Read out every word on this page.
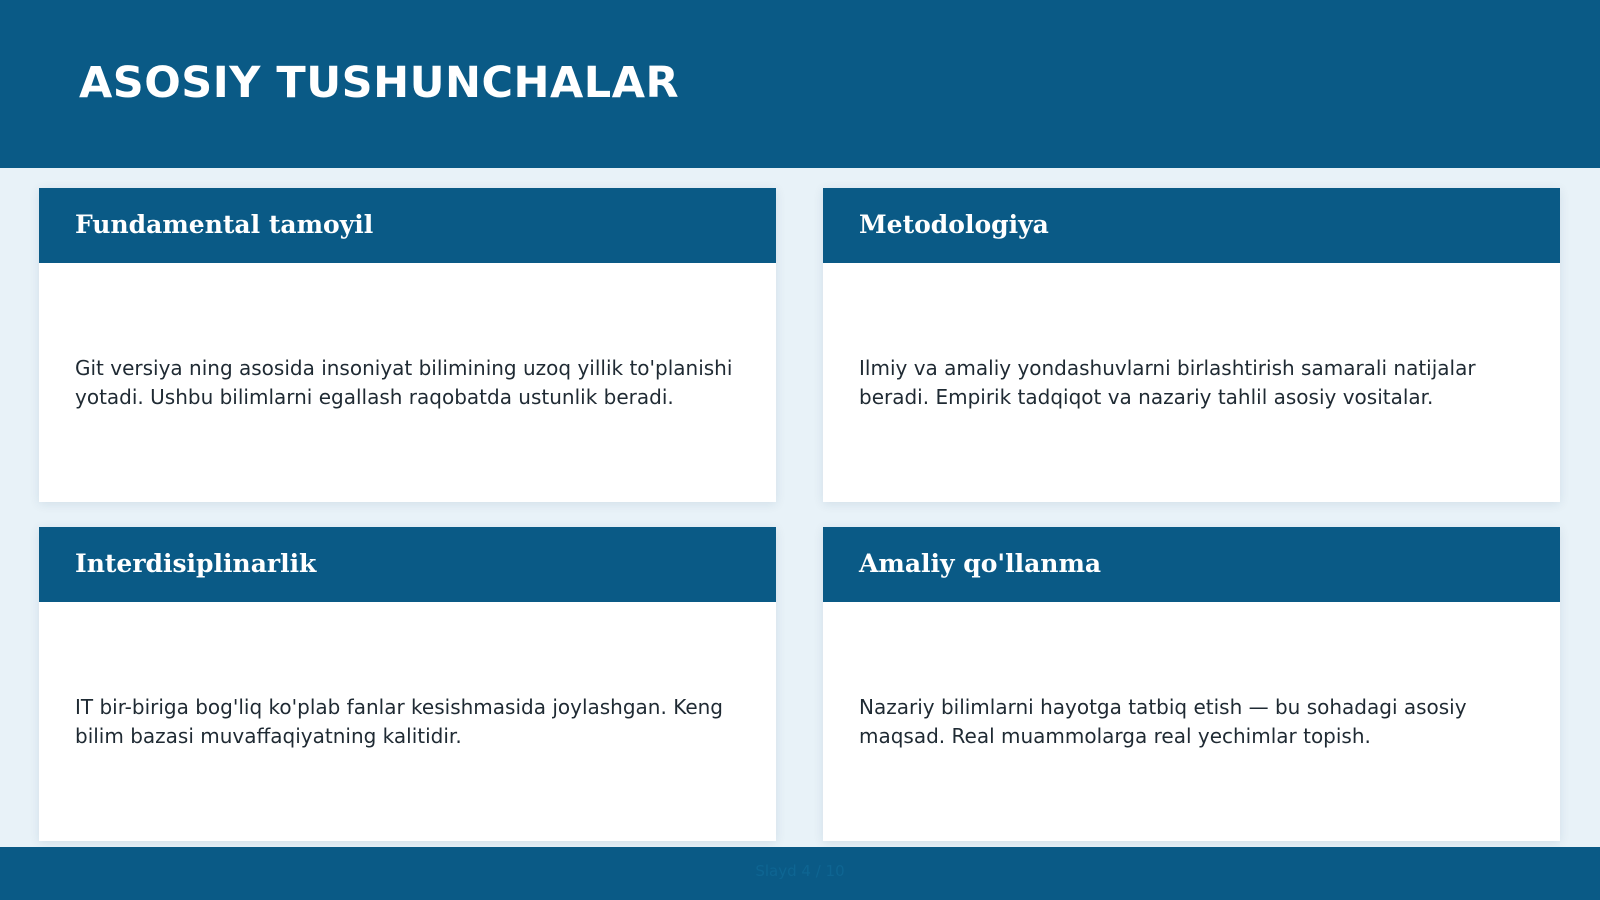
ASOSIY TUSHUNCHALAR
Fundamental tamoyil

Git versiya ning asosida insoniyat bilimining uzoq yillik to'planishi yotadi. Ushbu bilimlarni egallash raqobatda ustunlik beradi.

Metodologiya

Ilmiy va amaliy yondashuvlarni birlashtirish samarali natijalar beradi. Empirik tadqiqot va nazariy tahlil asosiy vositalar.

Interdisiplinarlik

IT bir-biriga bog'liq ko'plab fanlar kesishmasida joylashgan. Keng bilim bazasi muvaffaqiyatning kalitidir.

Amaliy qo'llanma

Nazariy bilimlarni hayotga tatbiq etish — bu sohadagi asosiy maqsad. Real muammolarga real yechimlar topish.

Slayd 4 / 10
